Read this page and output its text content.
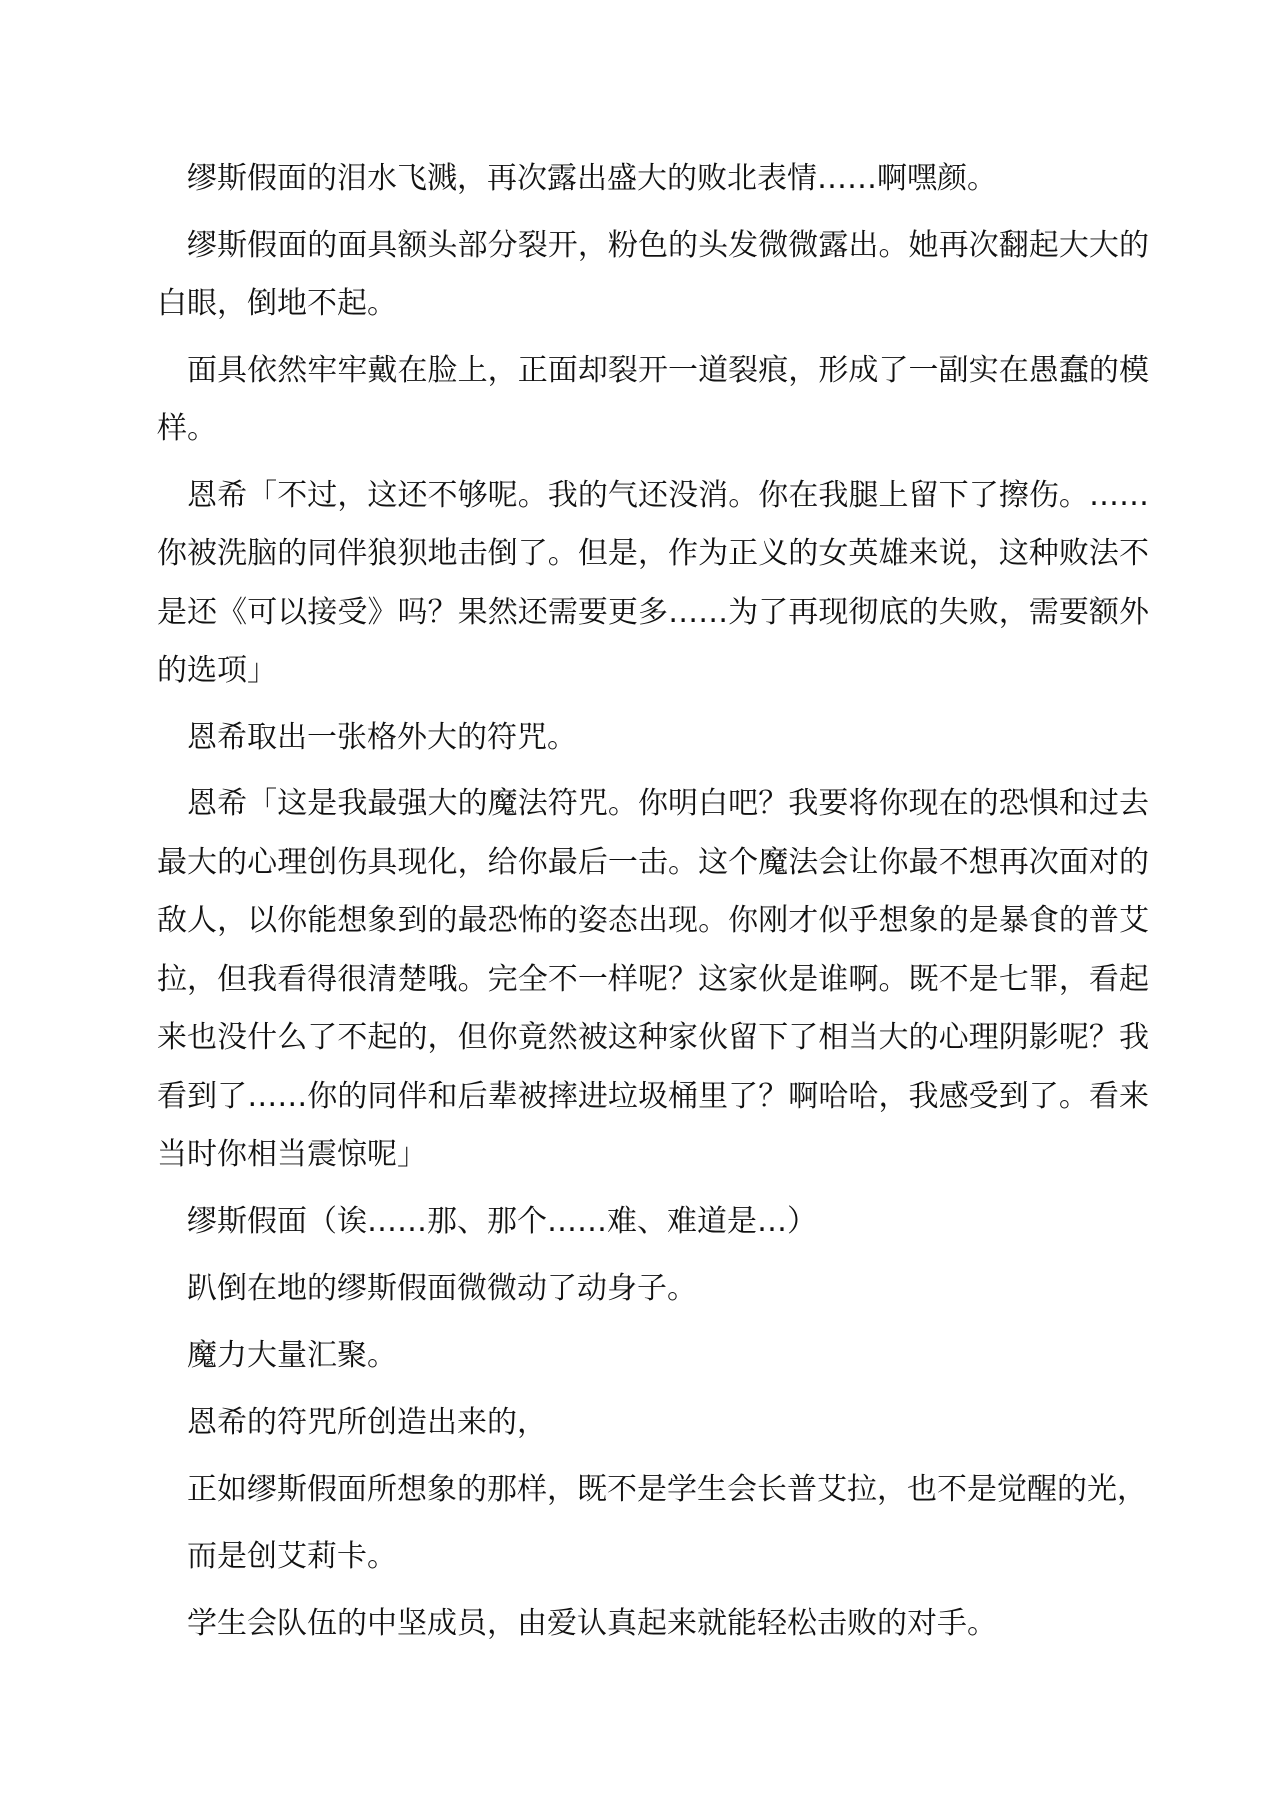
缪斯假面的泪水飞溅，再次露出盛大的败北表情……啊嘿颜。

缪斯假面的面具额头部分裂开，粉色的头发微微露出。她再次翻起大大的白眼，倒地不起。

面具依然牢牢戴在脸上，正面却裂开一道裂痕，形成了一副实在愚蠢的模样。

恩希「不过，这还不够呢。我的气还没消。你在我腿上留下了擦伤。……你被洗脑的同伴狼狈地击倒了。但是，作为正义的女英雄来说，这种败法不是还《可以接受》吗？果然还需要更多……为了再现彻底的失败，需要额外的选项」

恩希取出一张格外大的符咒。

恩希「这是我最强大的魔法符咒。你明白吧？我要将你现在的恐惧和过去最大的心理创伤具现化，给你最后一击。这个魔法会让你最不想再次面对的敌人，以你能想象到的最恐怖的姿态出现。你刚才似乎想象的是暴食的普艾拉，但我看得很清楚哦。完全不一样呢？这家伙是谁啊。既不是七罪，看起来也没什么了不起的，但你竟然被这种家伙留下了相当大的心理阴影呢？我看到了……你的同伴和后辈被摔进垃圾桶里了？啊哈哈，我感受到了。看来当时你相当震惊呢」

缪斯假面（诶……那、那个……难、难道是…）

趴倒在地的缪斯假面微微动了动身子。

魔力大量汇聚。

恩希的符咒所创造出来的，

正如缪斯假面所想象的那样，既不是学生会长普艾拉，也不是觉醒的光，

而是创艾莉卡。

学生会队伍的中坚成员，由爱认真起来就能轻松击败的对手。
